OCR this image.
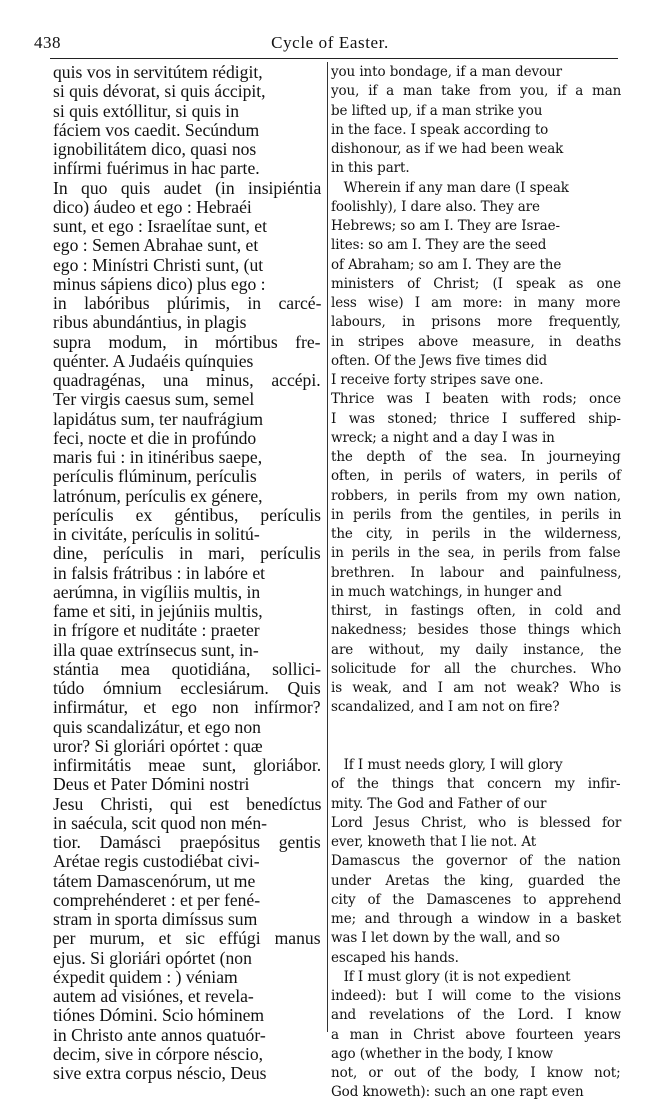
438	Cycle of Easter.
quis vos in servitútem rédigit,
si quis dévorat, si quis áccipit,
si quis extóllitur, si quis in
fáciem vos caedit. Secúndum
ignobilitátem dico, quasi nos
infírmi fuérimus in hac parte.
In quo quis audet (in insipiéntia
dico) áudeo et ego : Hebraéi
sunt, et ego : Israelítae sunt, et
ego : Semen Abrahae sunt, et
ego : Minístri Christi sunt, (ut
minus sápiens dico) plus ego :
in labóribus plúrimis, in carcé-
ribus abundántius, in plagis
supra modum, in mórtibus fre-
quénter. A Judaéis quínquies
quadragénas, una minus, accépi.
Ter virgis caesus sum, semel
lapidátus sum, ter naufrágium
feci, nocte et die in profúndo
maris fui : in itinéribus saepe,
perículis flúminum, perículis
latrónum, perículis ex génere,
perículis ex géntibus, perículis
in civitáte, perículis in solitú-
dine, perículis in mari, perículis
in falsis frátribus : in labóre et
aerúmna, in vigíliis multis, in
fame et siti, in jejúniis multis,
in frígore et nuditáte : praeter
illa quae extrínsecus sunt, in-
stántia mea quotidiána, sollici-
túdo ómnium ecclesiárum. Quis
infirmátur, et ego non infírmor?
quis scandalizátur, et ego non
uror? Si gloriári opórtet : quæ
infirmitátis meae sunt, gloriábor.
Deus et Pater Dómini nostri
Jesu Christi, qui est benedíctus
in saécula, scit quod non mén-
tior. Damásci praepósitus gentis
Arétae regis custodiébat civi-
tátem Damascenórum, ut me
comprehénderet : et per fené-
stram in sporta dimíssus sum
per murum, et sic effúgi manus
ejus. Si gloriári opórtet (non
éxpedit quidem : ) véniam
autem ad visiónes, et revela-
tiónes Dómini. Scio hóminem
in Christo ante annos quatuór-
decim, sive in córpore néscio,
sive extra corpus néscio, Deus
you into bondage, if a man devour
you, if a man take from you, if a man
be lifted up, if a man strike you
in the face. I speak according to
dishonour, as if we had been weak
in this part.
Wherein if any man dare (I speak
foolishly), I dare also. They are
Hebrews; so am I. They are Israe-
lites: so am I. They are the seed
of Abraham; so am I. They are the
ministers of Christ; (I speak as one
less wise) I am more: in many more
labours, in prisons more frequently,
in stripes above measure, in deaths
often. Of the Jews five times did
I receive forty stripes save one.
Thrice was I beaten with rods; once
I was stoned; thrice I suffered ship-
wreck; a night and a day I was in
the depth of the sea. In journeying
often, in perils of waters, in perils of
robbers, in perils from my own nation,
in perils from the gentiles, in perils in
the city, in perils in the wilderness,
in perils in the sea, in perils from false
brethren. In labour and painfulness,
in much watchings, in hunger and
thirst, in fastings often, in cold and
nakedness; besides those things which
are without, my daily instance, the
solicitude for all the churches. Who
is weak, and I am not weak? Who is
scandalized, and I am not on fire?
If I must needs glory, I will glory
of the things that concern my infir-
mity. The God and Father of our
Lord Jesus Christ, who is blessed for
ever, knoweth that I lie not. At
Damascus the governor of the nation
under Aretas the king, guarded the
city of the Damascenes to apprehend
me; and through a window in a basket
was I let down by the wall, and so
escaped his hands.
If I must glory (it is not expedient
indeed): but I will come to the visions
and revelations of the Lord. I know
a man in Christ above fourteen years
ago (whether in the body, I know
not, or out of the body, I know not;
God knoweth): such an one rapt even
